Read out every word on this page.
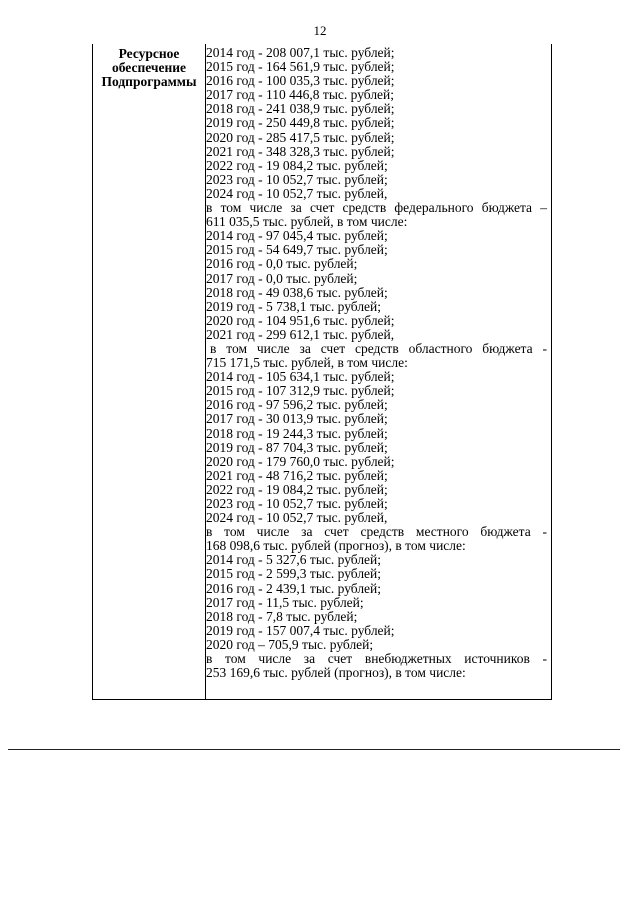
12
Ресурсное
обеспечение
Подпрограммы
2014 год - 208 007,1 тыс. рублей;
2015 год - 164 561,9 тыс. рублей;
2016 год - 100 035,3 тыс. рублей;
2017 год - 110 446,8 тыс. рублей;
2018 год - 241 038,9 тыс. рублей;
2019 год - 250 449,8 тыс. рублей;
2020 год - 285 417,5 тыс. рублей;
2021 год - 348 328,3 тыс. рублей;
2022 год - 19 084,2 тыс. рублей;
2023 год - 10 052,7 тыс. рублей;
2024 год - 10 052,7 тыс. рублей,
в том числе за счет средств федерального бюджета –
611 035,5 тыс. рублей, в том числе:
2014 год - 97 045,4 тыс. рублей;
2015 год - 54 649,7 тыс. рублей;
2016 год - 0,0 тыс. рублей;
2017 год - 0,0 тыс. рублей;
2018 год - 49 038,6 тыс. рублей;
2019 год - 5 738,1 тыс. рублей;
2020 год - 104 951,6 тыс. рублей;
2021 год - 299 612,1 тыс. рублей,
в том числе за счет средств областного бюджета -
715 171,5 тыс. рублей, в том числе:
2014 год - 105 634,1 тыс. рублей;
2015 год - 107 312,9 тыс. рублей;
2016 год - 97 596,2 тыс. рублей;
2017 год - 30 013,9 тыс. рублей;
2018 год - 19 244,3 тыс. рублей;
2019 год - 87 704,3 тыс. рублей;
2020 год - 179 760,0 тыс. рублей;
2021 год - 48 716,2 тыс. рублей;
2022 год - 19 084,2 тыс. рублей;
2023 год - 10 052,7 тыс. рублей;
2024 год - 10 052,7 тыс. рублей,
в том числе за счет средств местного бюджета -
168 098,6 тыс. рублей (прогноз), в том числе:
2014 год - 5 327,6 тыс. рублей;
2015 год - 2 599,3 тыс. рублей;
2016 год - 2 439,1 тыс. рублей;
2017 год - 11,5 тыс. рублей;
2018 год - 7,8 тыс. рублей;
2019 год - 157 007,4 тыс. рублей;
2020 год – 705,9 тыс. рублей;
в том числе за счет внебюджетных источников -
253 169,6 тыс. рублей (прогноз), в том числе:
